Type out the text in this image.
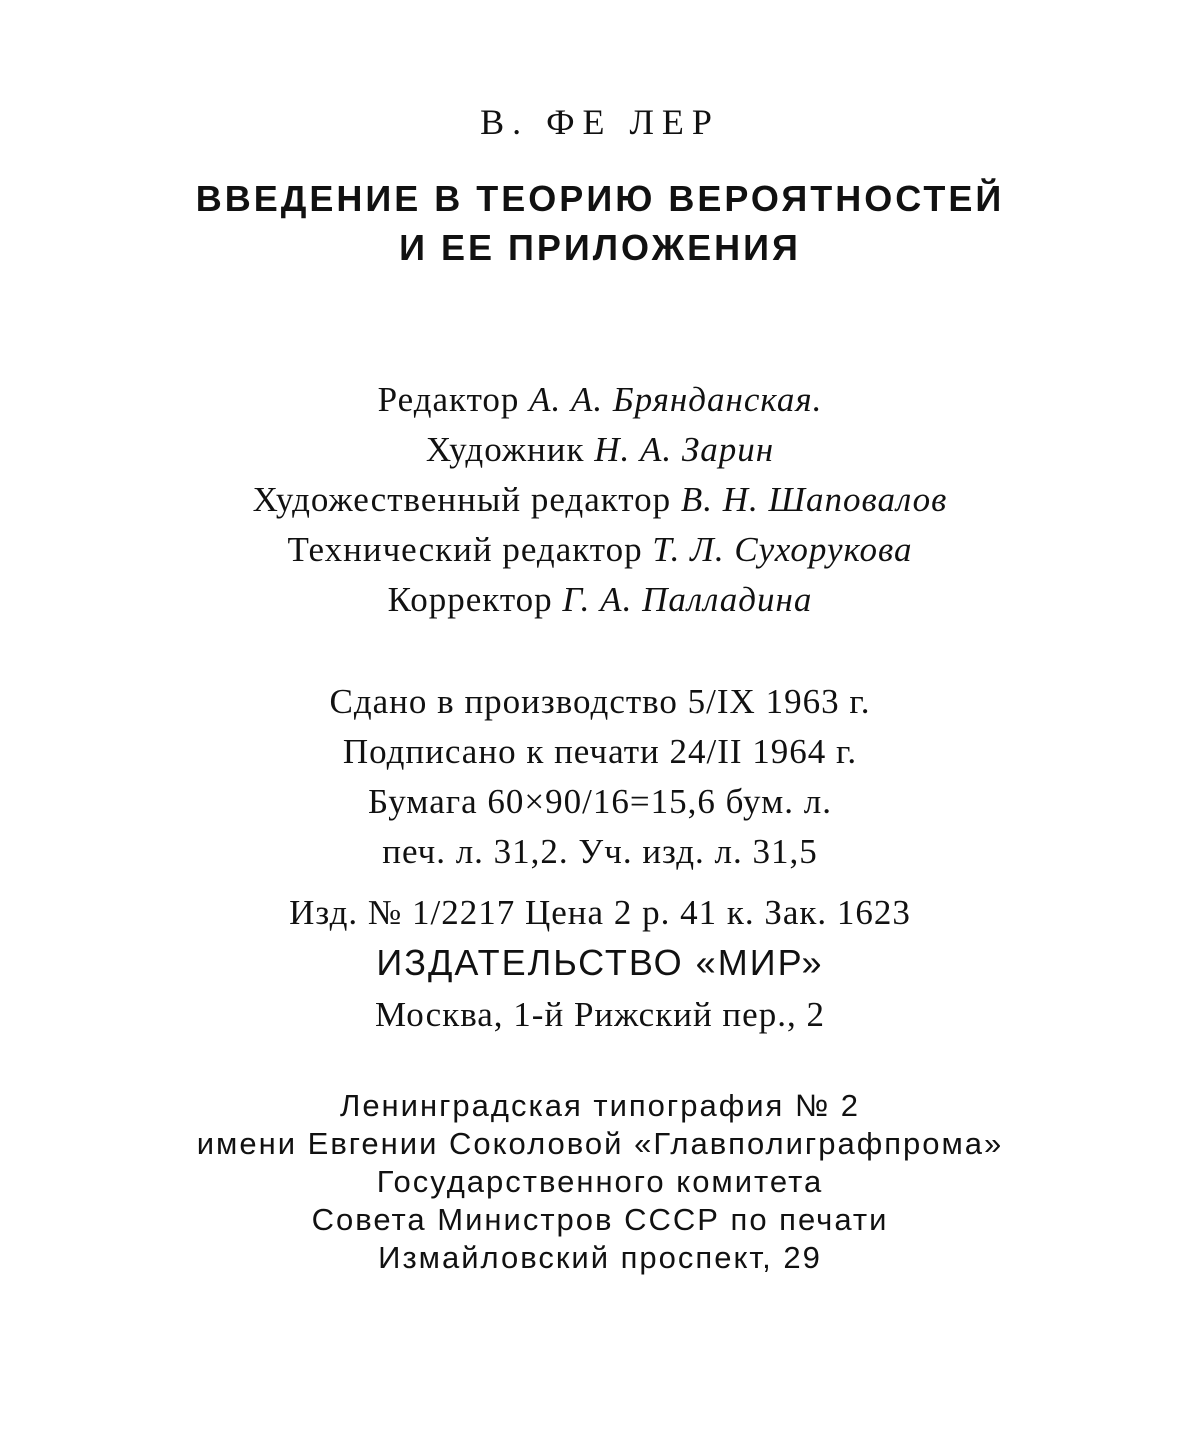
В. ФЕ ЛЕР
ВВЕДЕНИЕ В ТЕОРИЮ ВЕРОЯТНОСТЕЙ
И ЕЕ ПРИЛОЖЕНИЯ
Редактор А. А. Брянданская.
Художник Н. А. Зарин
Художественный редактор В. Н. Шаповалов
Технический редактор Т. Л. Сухорукова
Корректор Г. А. Палладина
Сдано в производство 5/IX 1963 г.
Подписано к печати 24/II 1964 г.
Бумага 60×90/16=15,6 бум. л.
печ. л. 31,2. Уч. изд. л. 31,5
Изд. № 1/2217 Цена 2 р. 41 к. Зак. 1623
ИЗДАТЕЛЬСТВО «МИР»
Москва, 1-й Рижский пер., 2
Ленинградская типография № 2
имени Евгении Соколовой «Главполиграфпрома»
Государственного комитета
Совета Министров СССР по печати
Измайловский проспект, 29
